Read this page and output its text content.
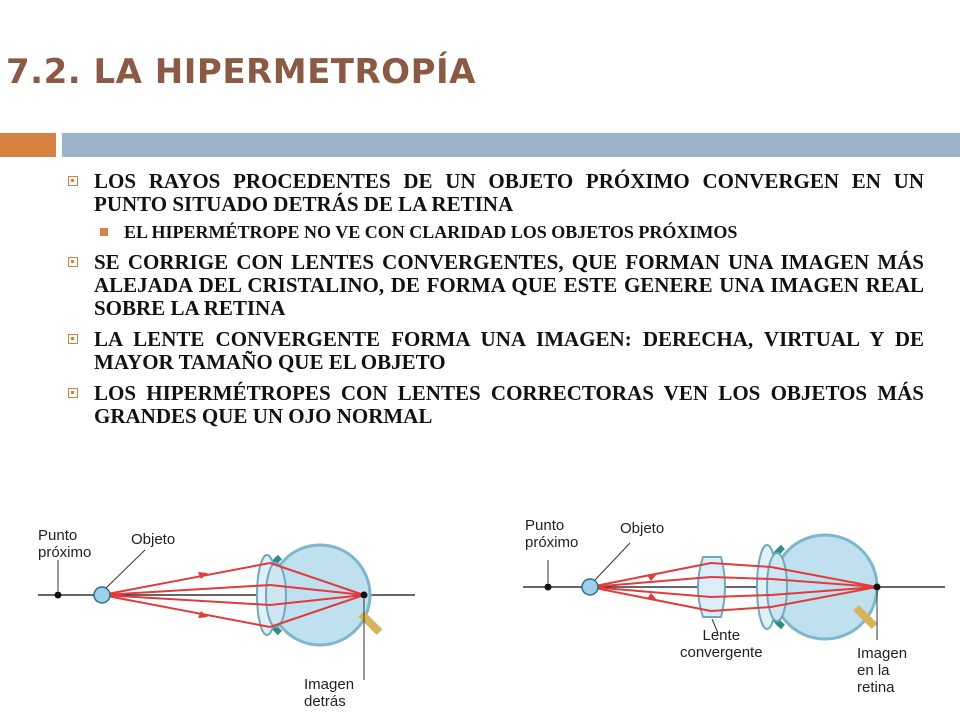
7.2. LA HIPERMETROPÍA
LOS RAYOS PROCEDENTES DE UN OBJETO PRÓXIMO CONVERGEN EN UN PUNTO SITUADO DETRÁS DE LA RETINA
EL HIPERMÉTROPE NO VE CON CLARIDAD LOS OBJETOS PRÓXIMOS
SE CORRIGE CON LENTES CONVERGENTES, QUE FORMAN UNA IMAGEN MÁS ALEJADA DEL CRISTALINO, DE FORMA QUE ESTE GENERE UNA IMAGEN REAL SOBRE LA RETINA
LA LENTE CONVERGENTE FORMA UNA IMAGEN: DERECHA, VIRTUAL Y DE MAYOR TAMAÑO QUE EL OBJETO
LOS HIPERMÉTROPES CON LENTES CORRECTORAS VEN LOS OBJETOS MÁS GRANDES QUE UN OJO NORMAL
Punto
próximo
Objeto
Imagen
detrás
Punto
próximo
Objeto
Lente
convergente	Imagen
en la
retina
